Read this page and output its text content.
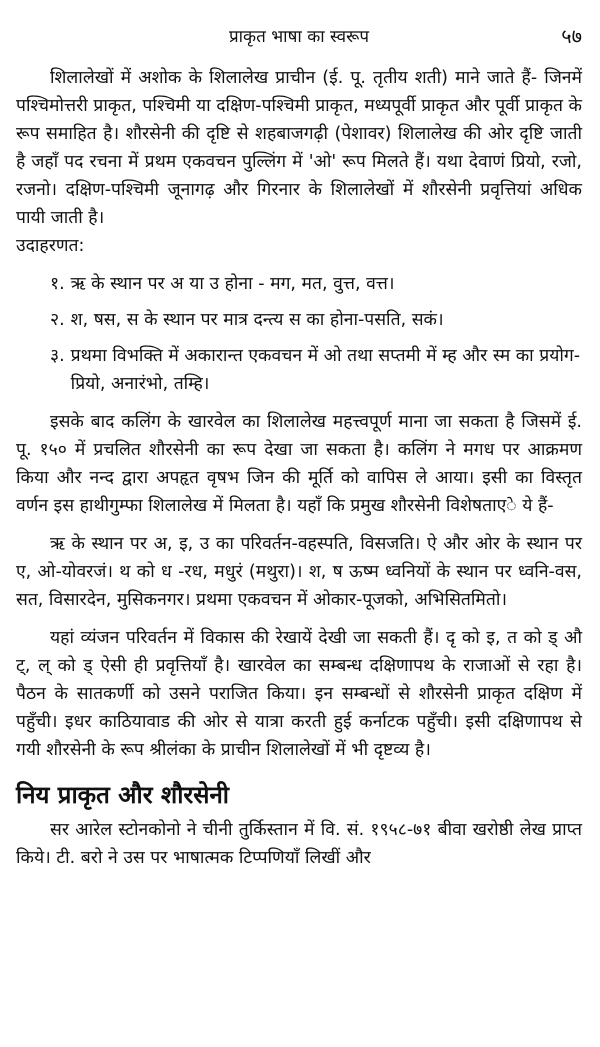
प्राकृत भाषा का स्वरूप	५७

शिलालेखों में अशोक के शिलालेख प्राचीन (ई. पू. तृतीय शती) माने जाते हैं- जिनमें पश्चिमोत्तरी प्राकृत, पश्चिमी या दक्षिण-पश्चिमी प्राकृत, मध्यपूर्वी प्राकृत और पूर्वी प्राकृत के रूप समाहित है। शौरसेनी की दृष्टि से शहबाजगढ़ी (पेशावर) शिलालेख की ओर दृष्टि जाती है जहाँ पद रचना में प्रथम एकवचन पुल्लिंग में 'ओ' रूप मिलते हैं। यथा देवाणं प्रियो, रजो, रजनो। दक्षिण-पश्चिमी जूनागढ़ और गिरनार के शिलालेखों में शौरसेनी प्रवृत्तियां अधिक पायी जाती है।

उदाहरणत:

१. ऋ के स्थान पर अ या उ होना - मग, मत, वुत्त, वत्त।
२. श, षस, स के स्थान पर मात्र दन्त्य स का होना-पसति, सकं।
३. प्रथमा विभक्ति में अकारान्त एकवचन में ओ तथा सप्तमी में म्ह और स्म का प्रयोग-प्रियो, अनारंभो, तम्हि।

इसके बाद कलिंग के खारवेल का शिलालेख महत्त्वपूर्ण माना जा सकता है जिसमें ई. पू. १५० में प्रचलित शौरसेनी का रूप देखा जा सकता है। कलिंग ने मगध पर आक्रमण किया और नन्द द्वारा अपहृत वृषभ जिन की मूर्ति को वापिस ले आया। इसी का विस्तृत वर्णन इस हाथीगुम्फा शिलालेख में मिलता है। यहाँ कि प्रमुख शौरसेनी विशेषताएे ये हैं-

ऋ के स्थान पर अ, इ, उ का परिवर्तन-वहस्पति, विसजति। ऐ और ओर के स्थान पर ए, ओ-योवरजं। थ को ध -रध, मधुरं (मथुरा)। श, ष ऊष्म ध्वनियों के स्थान पर ध्वनि-वस, सत, विसारदेन, मुसिकनगर। प्रथमा एकवचन में ओकार-पूजको, अभिसितमितो।

यहां व्यंजन परिवर्तन में विकास की रेखायें देखी जा सकती हैं। दृ को इ, त को ड् औ ट्, ल् को ड् ऐसी ही प्रवृत्तियाँ है। खारवेल का सम्बन्ध दक्षिणापथ के राजाओं से रहा है। पैठन के सातकर्णी को उसने पराजित किया। इन सम्बन्धों से शौरसेनी प्राकृत दक्षिण में पहुँची। इधर काठियावाड की ओर से यात्रा करती हुई कर्नाटक पहुँची। इसी दक्षिणापथ से गयी शौरसेनी के रूप श्रीलंका के प्राचीन शिलालेखों में भी दृष्टव्य है।

निय प्राकृत और शौरसेनी

सर आरेल स्टोनकोनो ने चीनी तुर्किस्तान में वि. सं. १९५८-७१ बीवा खरोष्ठी लेख प्राप्त किये। टी. बरो ने उस पर भाषात्मक टिप्पणियाँ लिखीं और
